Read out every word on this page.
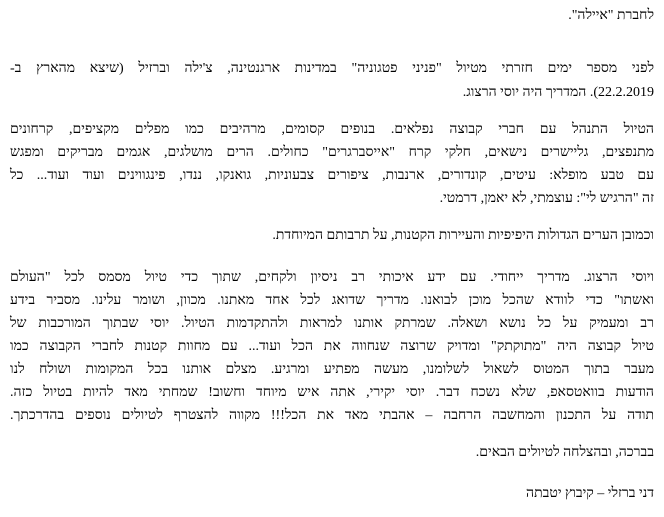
לחברת "איילה".
לפני מספר ימים חזרתי מטיול "פניני פטגוניה" במדינות ארגנטינה, צ'ילה וברזיל (שיצא מהארץ ב-
22.2.2019). המדריך היה יוסי הרצוג.
הטיול התנהל עם חברי קבוצה נפלאים. בנופים קסומים, מרהיבים כמו מפלים מקציפים, קרחונים
מתנפצים, גליישרים נישאים, חלקי קרח "אייסברגרים" כחולים. הרים מושלגים, אגמים מבריקים ומפגש
עם טבע מופלא: עיטים, קונדורים, ארנבות, ציפורים צבעוניות, גואנקו, ננדו, פינגווינים ועוד ועוד... כל
זה "הרגיש לי": עוצמתי, לא יאמן, דרמטי.
וכמובן הערים הגדולות היפיפיות והעיירות הקטנות, על תרבותם המיוחדת.
ויוסי הרצוג. מדריך ייחודי. עם ידע איכותי רב ניסיון ולקחים, שתוך כדי טיול מסמס לכל "העולם
ואשתו" כדי לוודא שהכל מוכן לבואנו. מדריך שדואג לכל אחד מאתנו. מכוון, ושומר עלינו. מסביר בידע
רב ומעמיק על כל נושא ושאלה. שמרתק אותנו למראות ולהתקדמות הטיול. יוסי שבתוך המורכבות של
טיול קבוצה היה "מתוקתק" ומדויק שרוצה שנחווה את הכל ועוד... עם מחוות קטנות לחברי הקבוצה כמו
מעבר בתוך המטוס לשאול לשלומנו, מעשה מפתיע ומרגיע. מצלם אותנו בכל המקומות ושולח לנו
הודעות בוואטסאפ, שלא נשכח דבר. יוסי יקירי, אתה איש מיוחד וחשוב! שמחתי מאד להיות בטיול כזה.
תודה על התכנון והמחשבה הרחבה – אהבתי מאד את הכל!!! מקווה להצטרף לטיולים נוספים בהדרכתך.
בברכה, ובהצלחה לטיולים הבאים.
דני ברזלי – קיבוץ יטבתה
